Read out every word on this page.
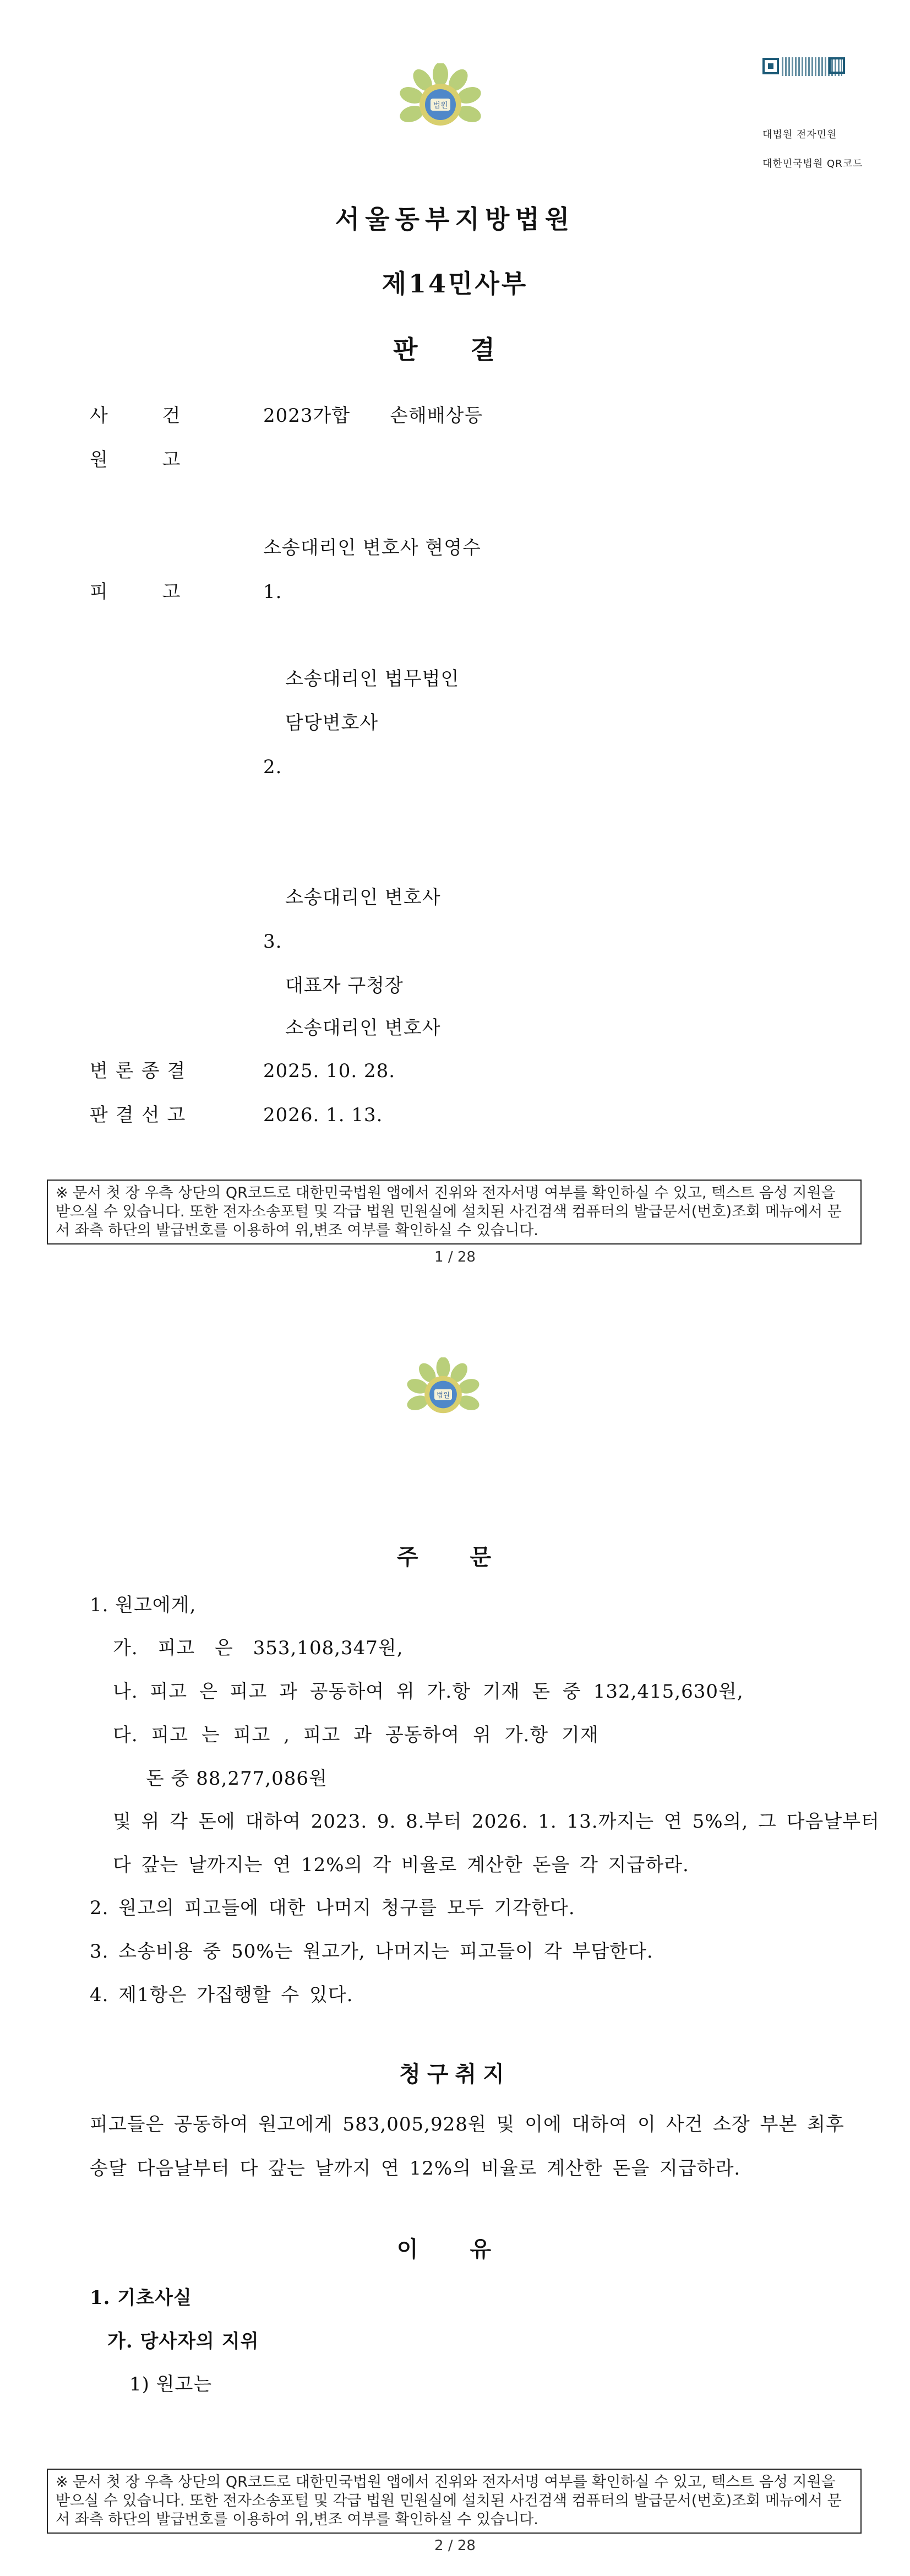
법원
대법원 전자민원
대한민국법원 QR코드
서울동부지방법원
제14민사부
판 결
사 건	2023가합 손해배상등
원 고
소송대리인 변호사 현영수
피 고	1.
소송대리인 법무법인
담당변호사
2.
소송대리인 변호사
3.
대표자 구청장
소송대리인 변호사
변론종결	2025. 10. 28.
판결선고	2026. 1. 13.
※ 문서 첫 장 우측 상단의 QR코드로 대한민국법원 앱에서 진위와 전자서명 여부를 확인하실 수 있고, 텍스트 음성 지원을 받으실 수 있습니다. 또한 전자소송포털 및 각급 법원 민원실에 설치된 사건검색 컴퓨터의 발급문서(번호)조회 메뉴에서 문서 좌측 하단의 발급번호를 이용하여 위,변조 여부를 확인하실 수 있습니다.
1 / 28
법원
주 문
1. 원고에게,
가. 피고 은 353,108,347원,
나. 피고 은 피고 과 공동하여 위 가.항 기재 돈 중 132,415,630원,
다. 피고 는 피고 , 피고 과 공동하여 위 가.항 기재
돈 중 88,277,086원
및 위 각 돈에 대하여 2023. 9. 8.부터 2026. 1. 13.까지는 연 5%의, 그 다음날부터
다 갚는 날까지는 연 12%의 각 비율로 계산한 돈을 각 지급하라.
2. 원고의 피고들에 대한 나머지 청구를 모두 기각한다.
3. 소송비용 중 50%는 원고가, 나머지는 피고들이 각 부담한다.
4. 제1항은 가집행할 수 있다.
청구취지
피고들은 공동하여 원고에게 583,005,928원 및 이에 대하여 이 사건 소장 부본 최후
송달 다음날부터 다 갚는 날까지 연 12%의 비율로 계산한 돈을 지급하라.
이 유
1. 기초사실
가. 당사자의 지위
1) 원고는
※ 문서 첫 장 우측 상단의 QR코드로 대한민국법원 앱에서 진위와 전자서명 여부를 확인하실 수 있고, 텍스트 음성 지원을 받으실 수 있습니다. 또한 전자소송포털 및 각급 법원 민원실에 설치된 사건검색 컴퓨터의 발급문서(번호)조회 메뉴에서 문서 좌측 하단의 발급번호를 이용하여 위,변조 여부를 확인하실 수 있습니다.
2 / 28
